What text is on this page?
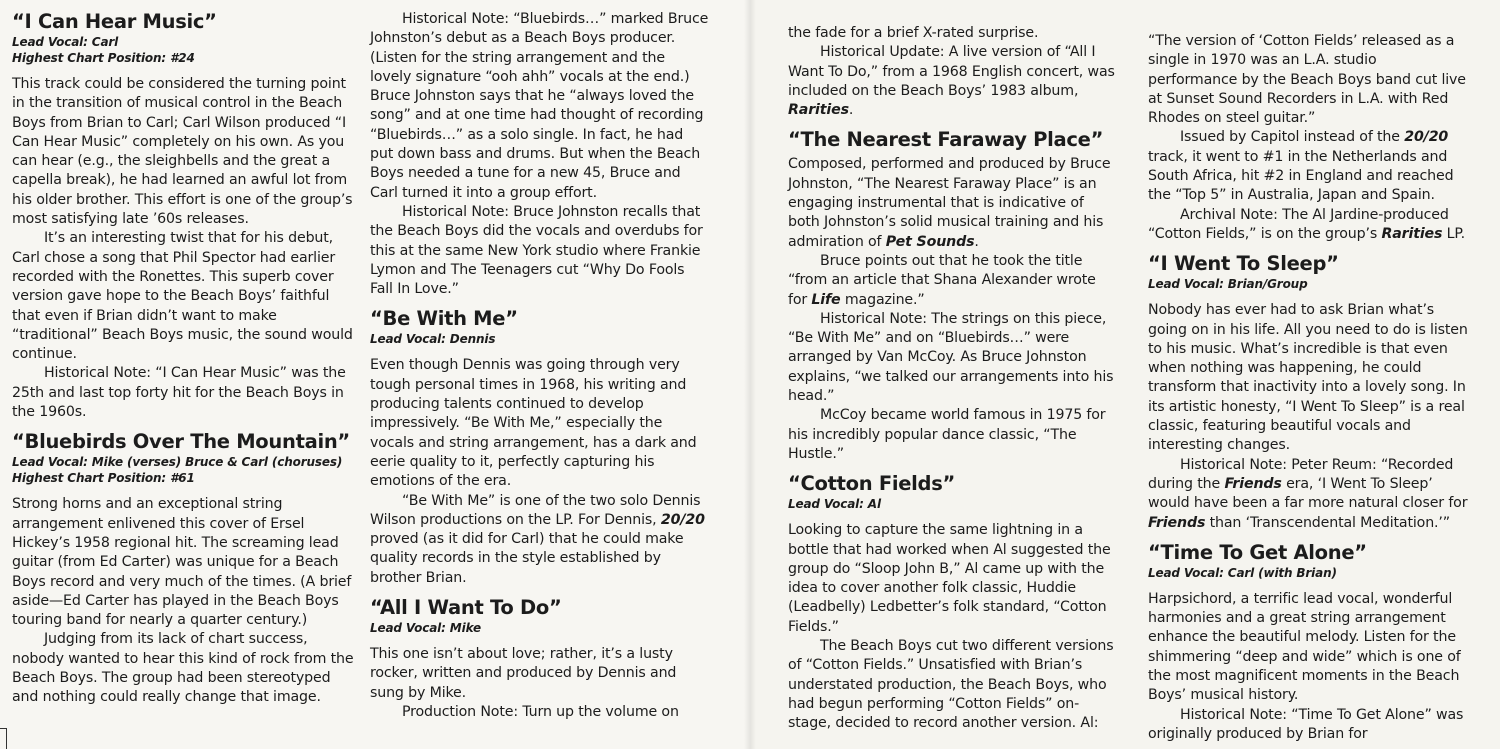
“I Can Hear Music”
Lead Vocal: Carl
Highest Chart Position: #24

This track could be considered the turning point in the transition of musical control in the Beach Boys from Brian to Carl; Carl Wilson produced “I Can Hear Music” completely on his own. As you can hear (e.g., the sleighbells and the great a capella break), he had learned an awful lot from his older brother. This effort is one of the group’s most satisfying late ’60s releases.

It’s an interesting twist that for his debut, Carl chose a song that Phil Spector had earlier recorded with the Ronettes. This superb cover version gave hope to the Beach Boys’ faithful that even if Brian didn’t want to make “traditional” Beach Boys music, the sound would continue.

Historical Note: “I Can Hear Music” was the 25th and last top forty hit for the Beach Boys in the 1960s.

“Bluebirds Over The Mountain”
Lead Vocal: Mike (verses) Bruce & Carl (choruses)
Highest Chart Position: #61

Strong horns and an exceptional string arrangement enlivened this cover of Ersel Hickey’s 1958 regional hit. The screaming lead guitar (from Ed Carter) was unique for a Beach Boys record and very much of the times. (A brief aside—Ed Carter has played in the Beach Boys touring band for nearly a quarter century.)

Judging from its lack of chart success, nobody wanted to hear this kind of rock from the Beach Boys. The group had been stereotyped and nothing could really change that image.

Historical Note: “Bluebirds…” marked Bruce Johnston’s debut as a Beach Boys producer. (Listen for the string arrangement and the lovely signature “ooh ahh” vocals at the end.) Bruce Johnston says that he “always loved the song” and at one time had thought of recording “Bluebirds…” as a solo single. In fact, he had put down bass and drums. But when the Beach Boys needed a tune for a new 45, Bruce and Carl turned it into a group effort.

Historical Note: Bruce Johnston recalls that the Beach Boys did the vocals and overdubs for this at the same New York studio where Frankie Lymon and The Teenagers cut “Why Do Fools Fall In Love.”

“Be With Me”
Lead Vocal: Dennis

Even though Dennis was going through very tough personal times in 1968, his writing and producing talents continued to develop impressively. “Be With Me,” especially the vocals and string arrangement, has a dark and eerie quality to it, perfectly capturing his emotions of the era.

“Be With Me” is one of the two solo Dennis Wilson productions on the LP. For Dennis, 20/20 proved (as it did for Carl) that he could make quality records in the style established by brother Brian.

“All I Want To Do”
Lead Vocal: Mike

This one isn’t about love; rather, it’s a lusty rocker, written and produced by Dennis and sung by Mike.

Production Note: Turn up the volume on

the fade for a brief X-rated surprise.

Historical Update: A live version of “All I Want To Do,” from a 1968 English concert, was included on the Beach Boys’ 1983 album, Rarities.

“The Nearest Faraway Place”

Composed, performed and produced by Bruce Johnston, “The Nearest Faraway Place” is an engaging instrumental that is indicative of both Johnston’s solid musical training and his admiration of Pet Sounds.

Bruce points out that he took the title “from an article that Shana Alexander wrote for Life magazine.”

Historical Note: The strings on this piece, “Be With Me” and on “Bluebirds…” were arranged by Van McCoy. As Bruce Johnston explains, “we talked our arrangements into his head.”

McCoy became world famous in 1975 for his incredibly popular dance classic, “The Hustle.”

“Cotton Fields”
Lead Vocal: Al

Looking to capture the same lightning in a bottle that had worked when Al suggested the group do “Sloop John B,” Al came up with the idea to cover another folk classic, Huddie (Leadbelly) Ledbetter’s folk standard, “Cotton Fields.”

The Beach Boys cut two different versions of “Cotton Fields.” Unsatisfied with Brian’s understated production, the Beach Boys, who had begun performing “Cotton Fields” on-stage, decided to record another version. Al:

“The version of ‘Cotton Fields’ released as a single in 1970 was an L.A. studio performance by the Beach Boys band cut live at Sunset Sound Recorders in L.A. with Red Rhodes on steel guitar.”

Issued by Capitol instead of the 20/20 track, it went to #1 in the Netherlands and South Africa, hit #2 in England and reached the “Top 5” in Australia, Japan and Spain.

Archival Note: The Al Jardine-produced “Cotton Fields,” is on the group’s Rarities LP.

“I Went To Sleep”
Lead Vocal: Brian/Group

Nobody has ever had to ask Brian what’s going on in his life. All you need to do is listen to his music. What’s incredible is that even when nothing was happening, he could transform that inactivity into a lovely song. In its artistic honesty, “I Went To Sleep” is a real classic, featuring beautiful vocals and interesting changes.

Historical Note: Peter Reum: “Recorded during the Friends era, ‘I Went To Sleep’ would have been a far more natural closer for Friends than ‘Transcendental Meditation.’”

“Time To Get Alone”
Lead Vocal: Carl (with Brian)

Harpsichord, a terrific lead vocal, wonderful harmonies and a great string arrangement enhance the beautiful melody. Listen for the shimmering “deep and wide” which is one of the most magnificent moments in the Beach Boys’ musical history.

Historical Note: “Time To Get Alone” was originally produced by Brian for
